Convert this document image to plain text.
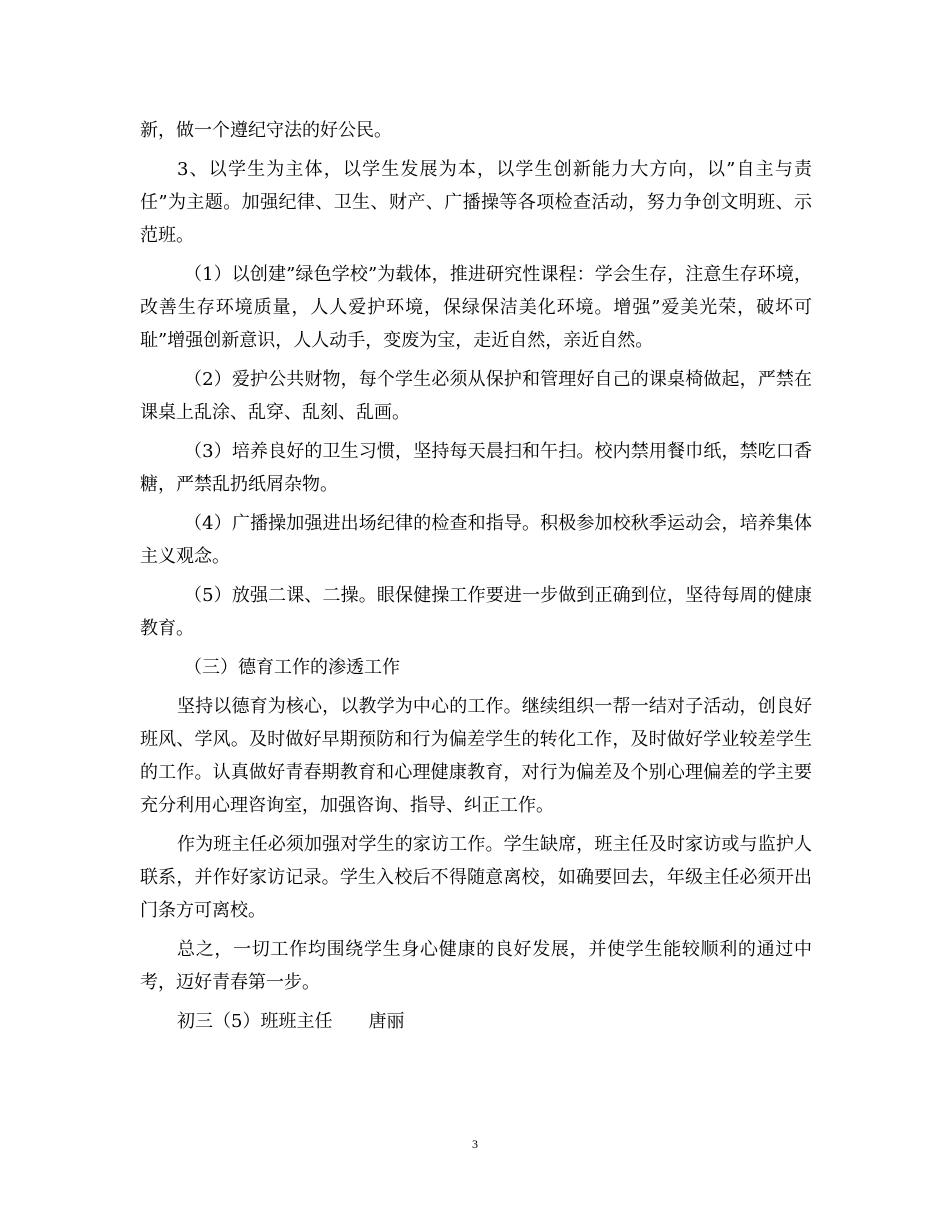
新，做一个遵纪守法的好公民。

3、以学生为主体，以学生发展为本，以学生创新能力大方向，以”自主与责任”为主题。加强纪律、卫生、财产、广播操等各项检查活动，努力争创文明班、示范班。

（1）以创建”绿色学校”为载体，推进研究性课程：学会生存，注意生存环境，改善生存环境质量，人人爱护环境，保绿保洁美化环境。增强”爱美光荣，破坏可耻”增强创新意识，人人动手，变废为宝，走近自然，亲近自然。

（2）爱护公共财物，每个学生必须从保护和管理好自己的课桌椅做起，严禁在课桌上乱涂、乱穿、乱刻、乱画。

（3）培养良好的卫生习惯，坚持每天晨扫和午扫。校内禁用餐巾纸，禁吃口香糖，严禁乱扔纸屑杂物。

（4）广播操加强进出场纪律的检查和指导。积极参加校秋季运动会，培养集体主义观念。

（5）放强二课、二操。眼保健操工作要进一步做到正确到位，坚待每周的健康教育。

（三）德育工作的渗透工作

坚持以德育为核心，以教学为中心的工作。继续组织一帮一结对子活动，创良好班风、学风。及时做好早期预防和行为偏差学生的转化工作，及时做好学业较差学生的工作。认真做好青春期教育和心理健康教育，对行为偏差及个别心理偏差的学主要充分利用心理咨询室，加强咨询、指导、纠正工作。

作为班主任必须加强对学生的家访工作。学生缺席，班主任及时家访或与监护人联系，并作好家访记录。学生入校后不得随意离校，如确要回去，年级主任必须开出门条方可离校。

总之，一切工作均围绕学生身心健康的良好发展，并使学生能较顺利的通过中考，迈好青春第一步。

初三（5）班班主任　　唐丽

3
